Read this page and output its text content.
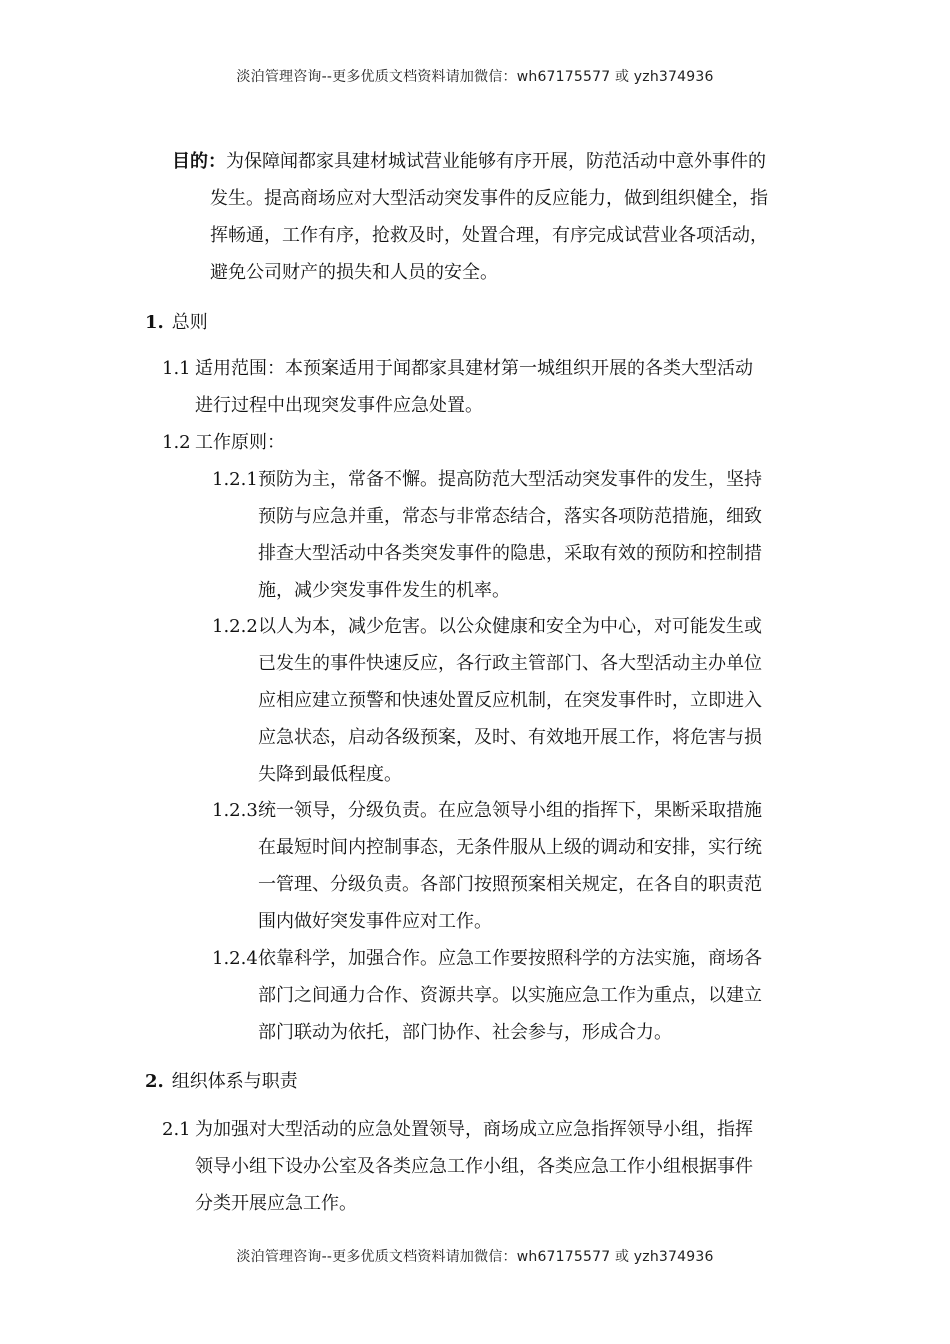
淡泊管理咨询--更多优质文档资料请加微信：wh67175577 或 yzh374936
目的：为保障闻都家具建材城试营业能够有序开展，防范活动中意外事件的
发生。提高商场应对大型活动突发事件的反应能力，做到组织健全，指
挥畅通，工作有序，抢救及时，处置合理，有序完成试营业各项活动，
避免公司财产的损失和人员的安全。
1. 总则
1.1 适用范围：本预案适用于闻都家具建材第一城组织开展的各类大型活动
进行过程中出现突发事件应急处置。
1.2 工作原则：
1.2.1 预防为主，常备不懈。提高防范大型活动突发事件的发生，坚持
预防与应急并重，常态与非常态结合，落实各项防范措施，细致
排查大型活动中各类突发事件的隐患，采取有效的预防和控制措
施，减少突发事件发生的机率。
1.2.2 以人为本，减少危害。以公众健康和安全为中心，对可能发生或
已发生的事件快速反应，各行政主管部门、各大型活动主办单位
应相应建立预警和快速处置反应机制，在突发事件时，立即进入
应急状态，启动各级预案，及时、有效地开展工作，将危害与损
失降到最低程度。
1.2.3 统一领导，分级负责。在应急领导小组的指挥下，果断采取措施
在最短时间内控制事态，无条件服从上级的调动和安排，实行统
一管理、分级负责。各部门按照预案相关规定，在各自的职责范
围内做好突发事件应对工作。
1.2.4 依靠科学，加强合作。应急工作要按照科学的方法实施，商场各
部门之间通力合作、资源共享。以实施应急工作为重点，以建立
部门联动为依托，部门协作、社会参与，形成合力。
2. 组织体系与职责
2.1 为加强对大型活动的应急处置领导，商场成立应急指挥领导小组，指挥
领导小组下设办公室及各类应急工作小组，各类应急工作小组根据事件
分类开展应急工作。
淡泊管理咨询--更多优质文档资料请加微信：wh67175577 或 yzh374936
